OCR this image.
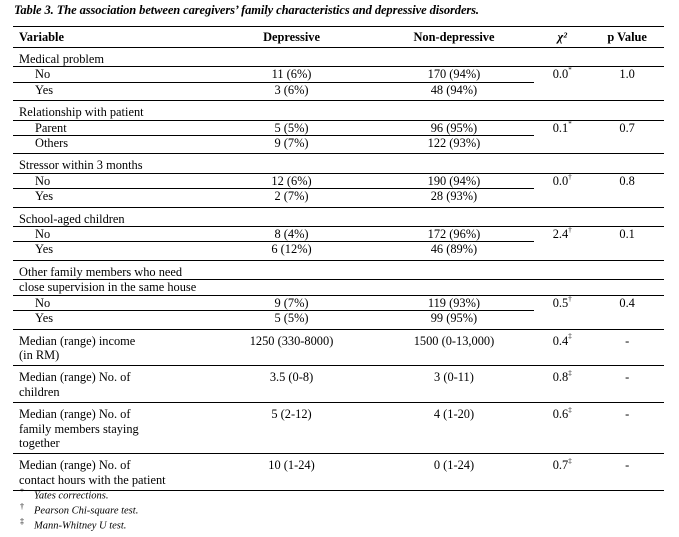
Table 3. The association between caregivers’ family characteristics and depressive disorders.
Variable	Depressive	Non-depressive	χ²	p Value
Medical problem				
No	11 (6%)	170 (94%)	0.0*	1.0
Yes	3 (6%)	48 (94%)		
Relationship with patient				
Parent	5 (5%)	96 (95%)	0.1*	0.7
Others	9 (7%)	122 (93%)		
Stressor within 3 months				
No	12 (6%)	190 (94%)	0.0†	0.8
Yes	2 (7%)	28 (93%)		
School-aged children				
No	8 (4%)	172 (96%)	2.4†	0.1
Yes	6 (12%)	46 (89%)		
Other family members who need				
close supervision in the same house				
No	9 (7%)	119 (93%)	0.5†	0.4
Yes	5 (5%)	99 (95%)		

Median (range) income
(in RM)	1250 (330-8000)	1500 (0-13,000)	0.4‡	-

Median (range) No. of
children	3.5 (0-8)	3 (0-11)	0.8‡	-

Median (range) No. of
family members staying
together	5 (2-12)	4 (1-20)	0.6‡	-

Median (range) No. of
contact hours with the patient	10 (1-24)	0 (1-24)	0.7‡	-
* Yates corrections.
† Pearson Chi-square test.
‡ Mann-Whitney U test.
